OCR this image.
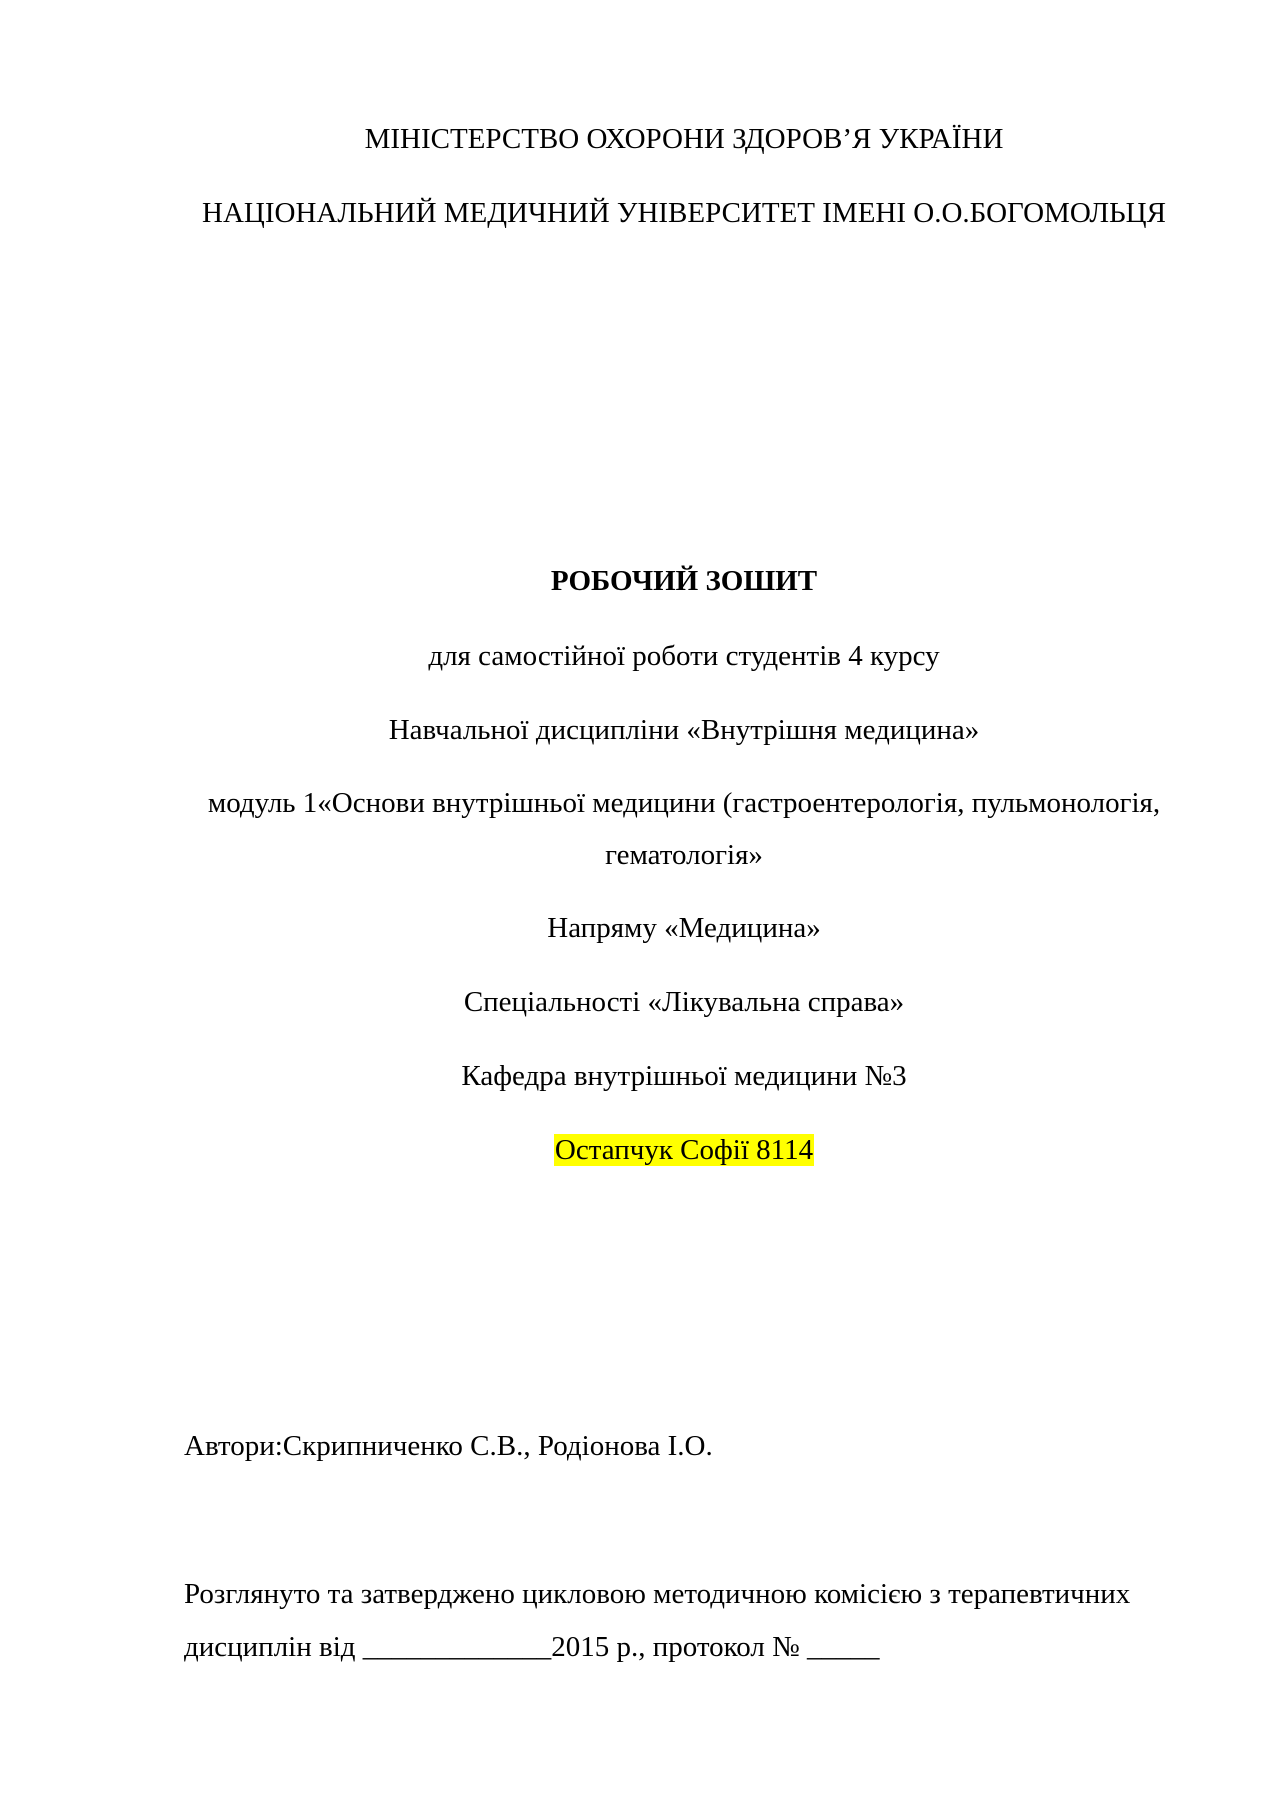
МІНІСТЕРСТВО ОХОРОНИ ЗДОРОВ’Я УКРАЇНИ
НАЦІОНАЛЬНИЙ МЕДИЧНИЙ УНІВЕРСИТЕТ ІМЕНІ О.О.БОГОМОЛЬЦЯ
РОБОЧИЙ ЗОШИТ
для самостійної роботи студентів 4 курсу
Навчальної дисципліни «Внутрішня медицина»
модуль 1«Основи внутрішньої медицини (гастроентерологія, пульмонологія,
гематологія»
Напряму «Медицина»
Спеціальності «Лікувальна справа»
Кафедра внутрішньої медицини №3
Остапчук Софії 8114
Автори:Скрипниченко С.В., Родіонова І.О.
Розглянуто та затверджено цикловою методичною комісією з терапевтичних
дисциплін від _____________2015 р., протокол № _____
